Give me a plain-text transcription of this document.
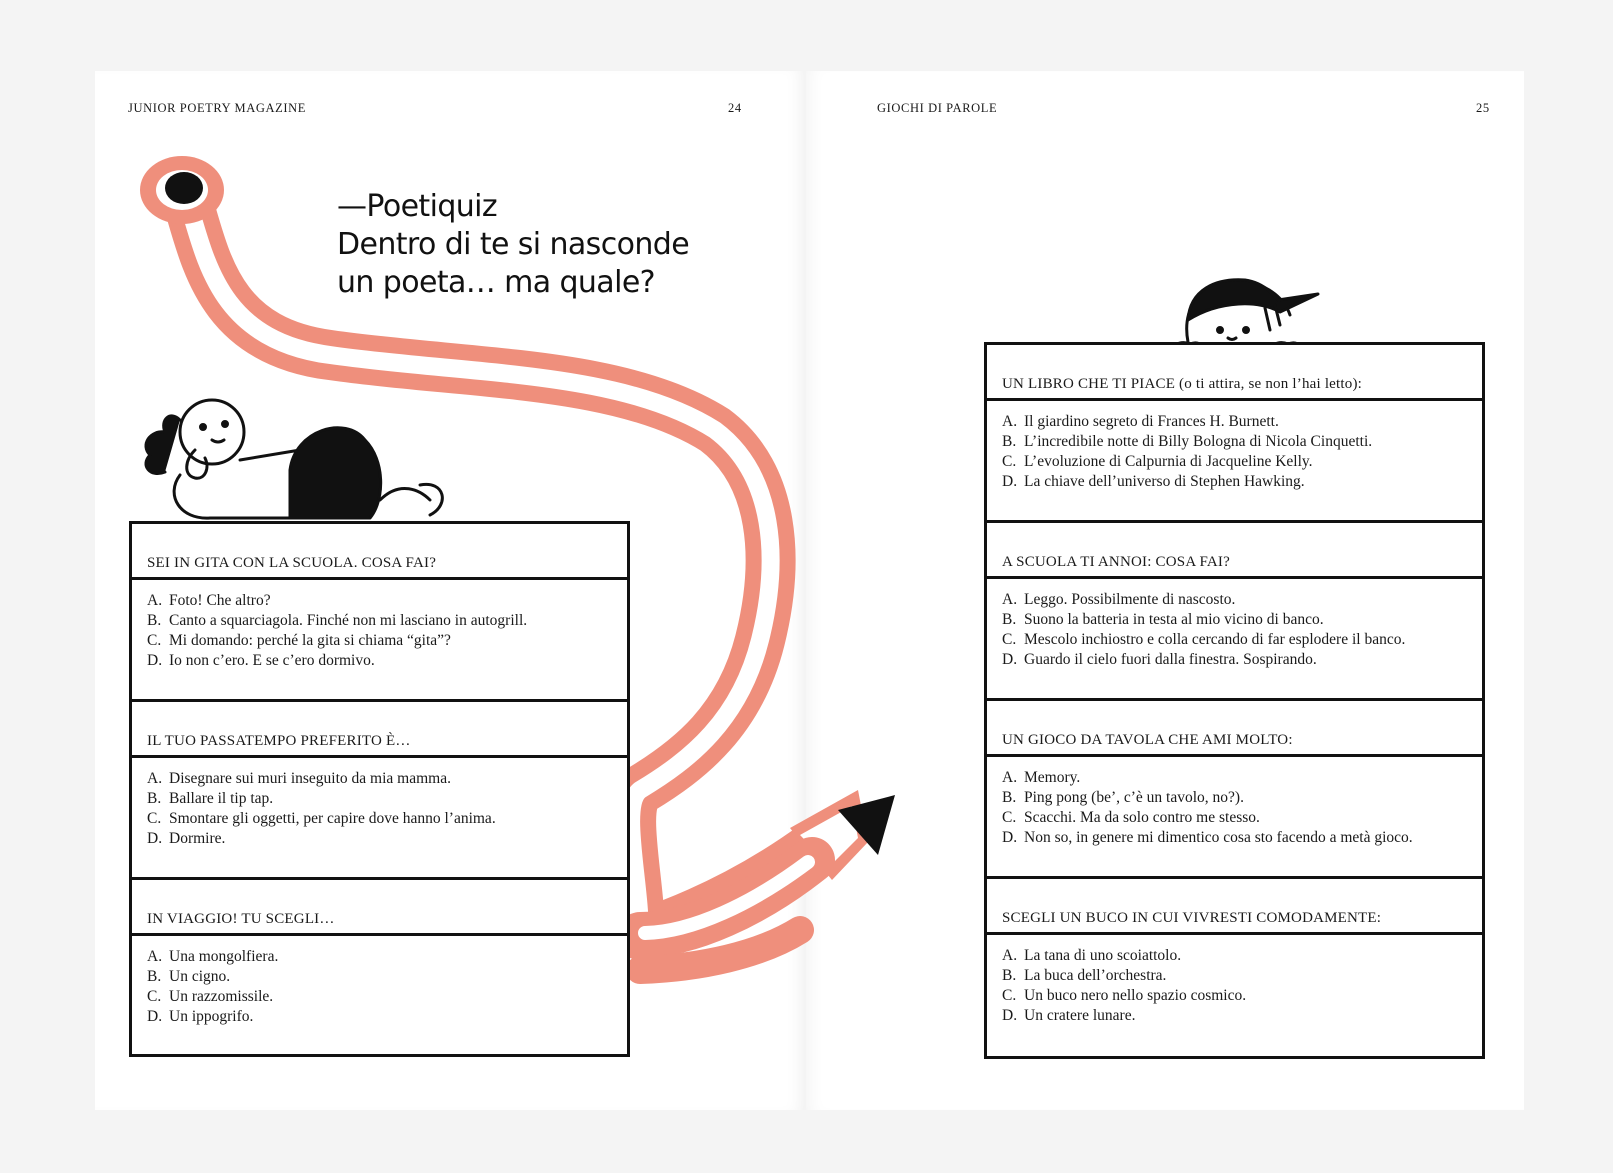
JUNIOR POETRY MAGAZINE	24	GIOCHI DI PAROLE	25
—Poetiquiz
Dentro di te si nasconde
un poeta… ma quale?
SEI IN GITA CON LA SCUOLA. COSA FAI?
A. Foto! Che altro?
B. Canto a squarciagola. Finché non mi lasciano in autogrill.
C. Mi domando: perché la gita si chiama “gita”?
D. Io non c’ero. E se c’ero dormivo.
IL TUO PASSATEMPO PREFERITO È…
A. Disegnare sui muri inseguito da mia mamma.
B. Ballare il tip tap.
C. Smontare gli oggetti, per capire dove hanno l’anima.
D. Dormire.
IN VIAGGIO! TU SCEGLI…
A. Una mongolfiera.
B. Un cigno.
C. Un razzomissile.
D. Un ippogrifo.
UN LIBRO CHE TI PIACE (o ti attira, se non l’hai letto):
A. Il giardino segreto di Frances H. Burnett.
B. L’incredibile notte di Billy Bologna di Nicola Cinquetti.
C. L’evoluzione di Calpurnia di Jacqueline Kelly.
D. La chiave dell’universo di Stephen Hawking.
A SCUOLA TI ANNOI: COSA FAI?
A. Leggo. Possibilmente di nascosto.
B. Suono la batteria in testa al mio vicino di banco.
C. Mescolo inchiostro e colla cercando di far esplodere il banco.
D. Guardo il cielo fuori dalla finestra. Sospirando.
UN GIOCO DA TAVOLA CHE AMI MOLTO:
A. Memory.
B. Ping pong (be’, c’è un tavolo, no?).
C. Scacchi. Ma da solo contro me stesso.
D. Non so, in genere mi dimentico cosa sto facendo a metà gioco.
SCEGLI UN BUCO IN CUI VIVRESTI COMODAMENTE:
A. La tana di uno scoiattolo.
B. La buca dell’orchestra.
C. Un buco nero nello spazio cosmico.
D. Un cratere lunare.
